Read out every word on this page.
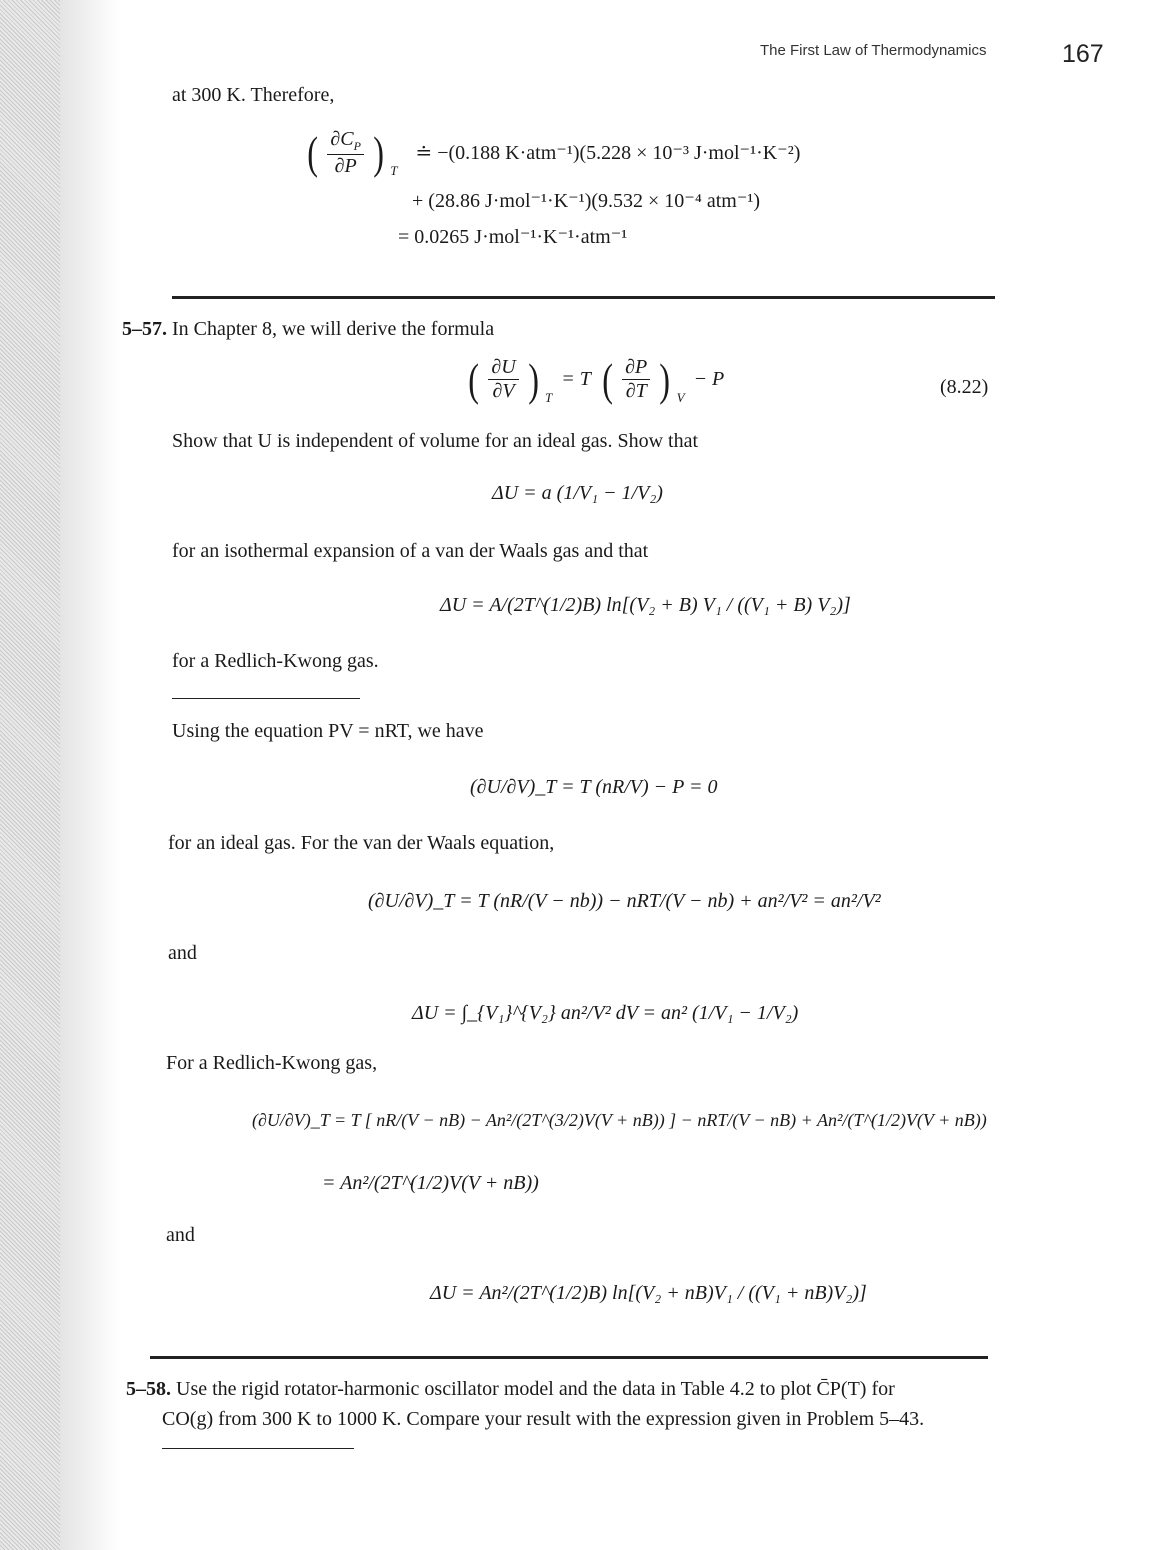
The First Law of Thermodynamics	167
at 300 K. Therefore,
( $\frac{\partial C_P}{\partial P}$ ) T
≐ −(0.188 K·atm⁻¹)(5.228 × 10⁻³ J·mol⁻¹·K⁻²)
+ (28.86 J·mol⁻¹·K⁻¹)(9.532 × 10⁻⁴ atm⁻¹)
= 0.0265 J·mol⁻¹·K⁻¹·atm⁻¹
5–57. In Chapter 8, we will derive the formula
( $\frac{\partial U}{\partial V}$ ) T
= T ( $\frac{\partial P}{\partial T}$ ) V
− P	(8.22)
Show that U is independent of volume for an ideal gas. Show that
ΔU = a (1/V₁ − 1/V₂)
for an isothermal expansion of a van der Waals gas and that
ΔU = A/(2T^(1/2)B) ln[(V₂ + B) V₁ / ((V₁ + B) V₂)]
for a Redlich-Kwong gas.
Using the equation PV = nRT, we have
(∂U/∂V)_T = T (nR/V) − P = 0
for an ideal gas. For the van der Waals equation,
(∂U/∂V)_T = T (nR/(V − nb)) − nRT/(V − nb) + an²/V² = an²/V²
and
ΔU = ∫_{V₁}^{V₂} an²/V² dV = an² (1/V₁ − 1/V₂)
For a Redlich-Kwong gas,
(∂U/∂V)_T = T [ nR/(V − nB) − An²/(2T^(3/2)V(V + nB)) ] − nRT/(V − nB) + An²/(T^(1/2)V(V + nB))
= An²/(2T^(1/2)V(V + nB))
and
ΔU = An²/(2T^(1/2)B) ln[(V₂ + nB)V₁ / ((V₁ + nB)V₂)]
5–58. Use the rigid rotator-harmonic oscillator model and the data in Table 4.2 to plot C̄P(T) for
CO(g) from 300 K to 1000 K. Compare your result with the expression given in Problem 5–43.
